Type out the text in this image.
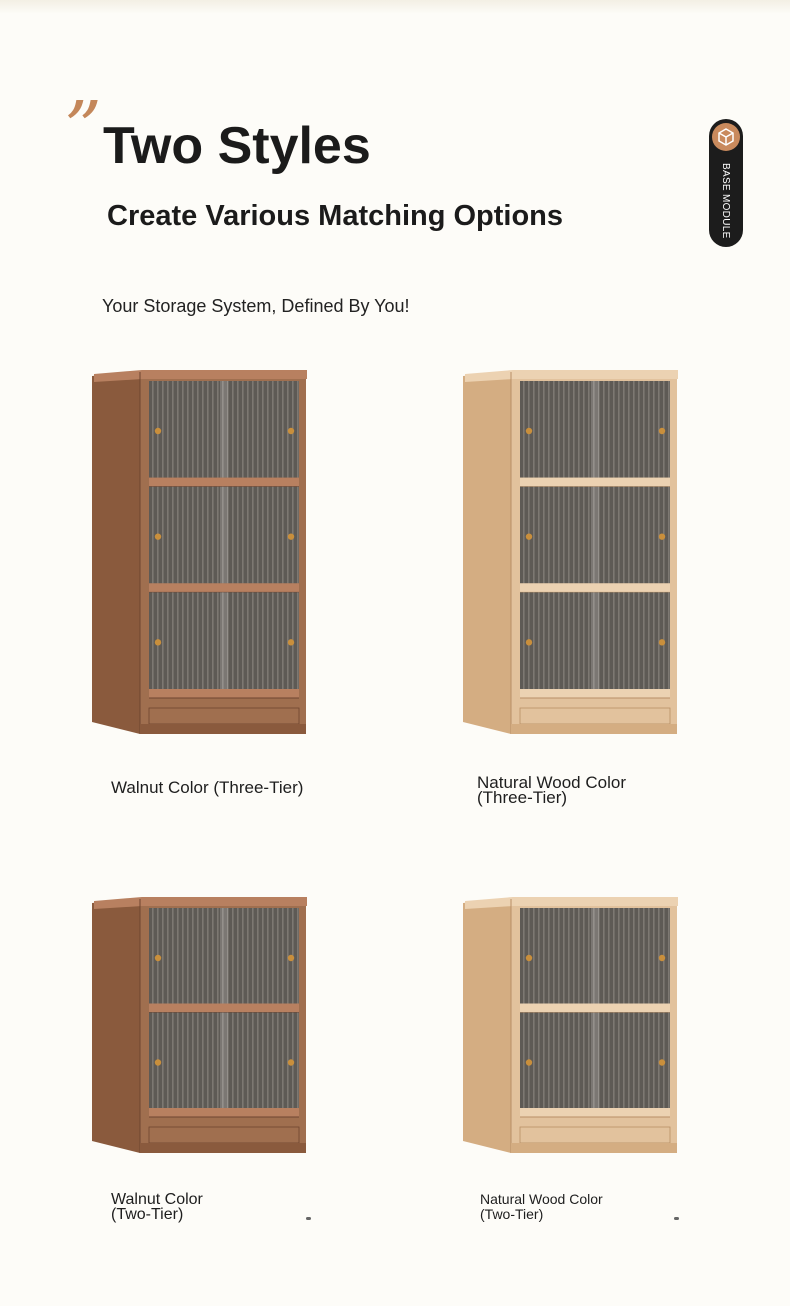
” Two Styles
Create Various Matching Options
Your Storage System, Defined By You!
BASE MODULE
Walnut Color (Three-Tier)	Natural Wood Color
(Three-Tier)
Walnut Color
(Two-Tier)
Natural Wood Color
(Two-Tier)
